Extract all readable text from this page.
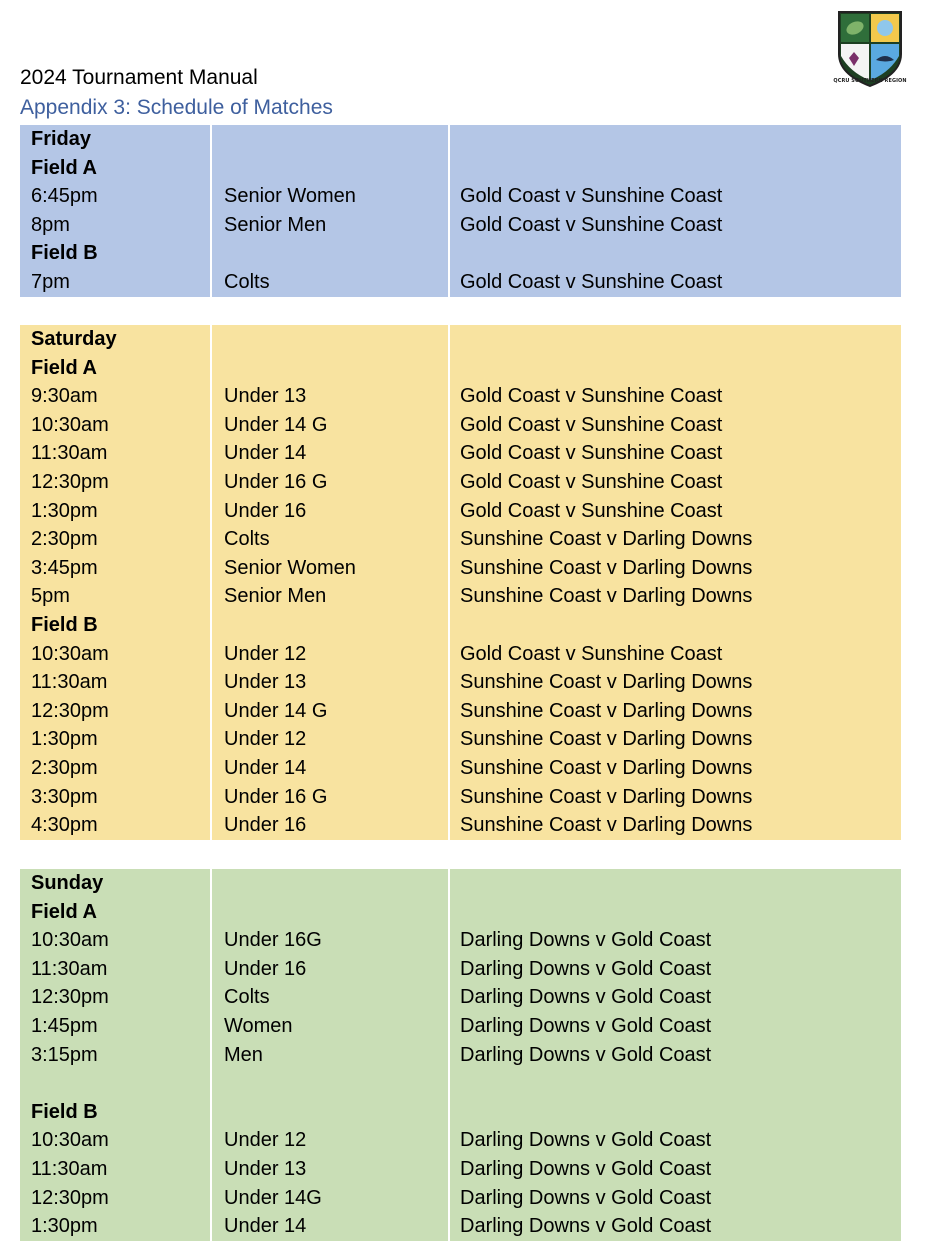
QCRU SOUTHERN REGION
2024 Tournament Manual
Appendix 3: Schedule of Matches
Friday
Field A
6:45pm	Senior Women	Gold Coast v Sunshine Coast
8pm	Senior Men	Gold Coast v Sunshine Coast
Field B
7pm	Colts	Gold Coast v Sunshine Coast
Saturday
Field A
9:30am	Under 13	Gold Coast v Sunshine Coast
10:30am	Under 14 G	Gold Coast v Sunshine Coast
11:30am	Under 14	Gold Coast v Sunshine Coast
12:30pm	Under 16 G	Gold Coast v Sunshine Coast
1:30pm	Under 16	Gold Coast v Sunshine Coast
2:30pm	Colts	Sunshine Coast v Darling Downs
3:45pm	Senior Women	Sunshine Coast v Darling Downs
5pm	Senior Men	Sunshine Coast v Darling Downs
Field B
10:30am	Under 12	Gold Coast v Sunshine Coast
11:30am	Under 13	Sunshine Coast v Darling Downs
12:30pm	Under 14 G	Sunshine Coast v Darling Downs
1:30pm	Under 12	Sunshine Coast v Darling Downs
2:30pm	Under 14	Sunshine Coast v Darling Downs
3:30pm	Under 16 G	Sunshine Coast v Darling Downs
4:30pm	Under 16	Sunshine Coast v Darling Downs
Sunday
Field A
10:30am	Under 16G	Darling Downs v Gold Coast
11:30am	Under 16	Darling Downs v Gold Coast
12:30pm	Colts	Darling Downs v Gold Coast
1:45pm	Women	Darling Downs v Gold Coast
3:15pm	Men	Darling Downs v Gold Coast
Field B
10:30am	Under 12	Darling Downs v Gold Coast
11:30am	Under 13	Darling Downs v Gold Coast
12:30pm	Under 14G	Darling Downs v Gold Coast
1:30pm	Under 14	Darling Downs v Gold Coast
